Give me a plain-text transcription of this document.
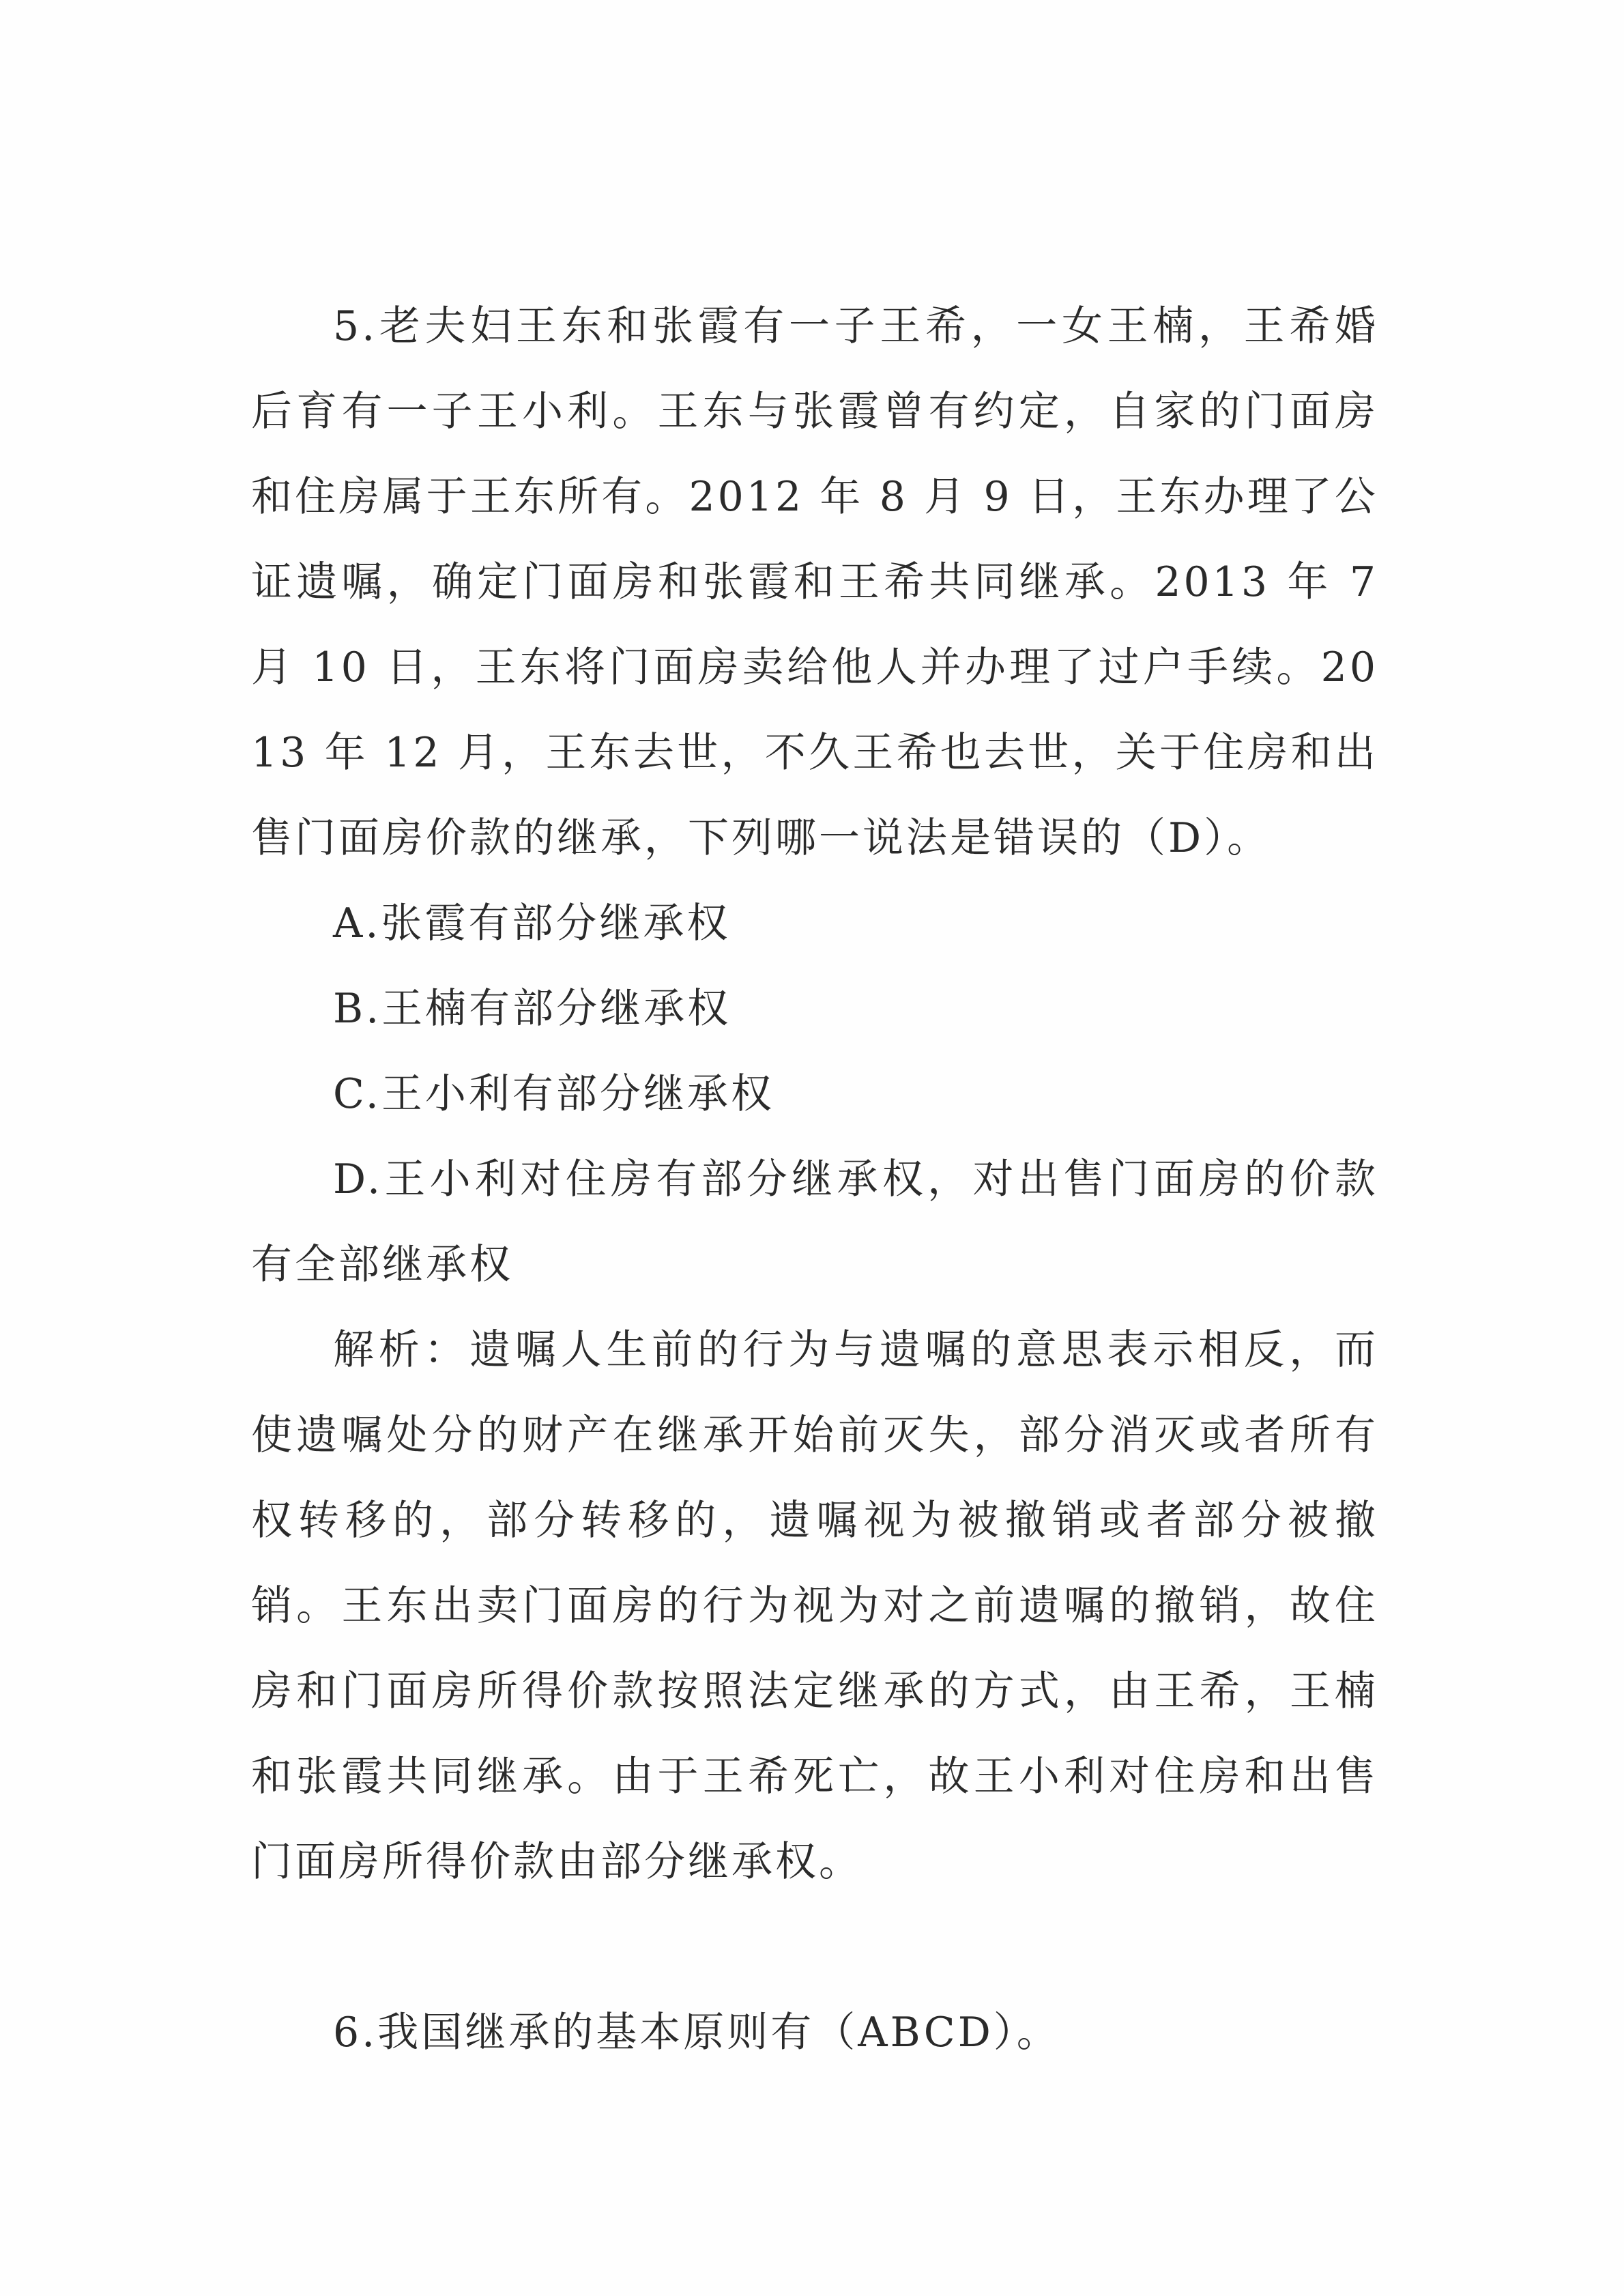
5.老夫妇王东和张霞有一子王希，一女王楠，王希婚后育有一子王小利。王东与张霞曾有约定，自家的门面房和住房属于王东所有。2012 年 8 月 9 日，王东办理了公证遗嘱，确定门面房和张霞和王希共同继承。2013 年 7 月 10 日，王东将门面房卖给他人并办理了过户手续。2013 年 12 月，王东去世，不久王希也去世，关于住房和出售门面房价款的继承，下列哪一说法是错误的（D）。

A.张霞有部分继承权

B.王楠有部分继承权

C.王小利有部分继承权

D.王小利对住房有部分继承权，对出售门面房的价款有全部继承权

解析：遗嘱人生前的行为与遗嘱的意思表示相反，而使遗嘱处分的财产在继承开始前灭失，部分消灭或者所有权转移的，部分转移的，遗嘱视为被撤销或者部分被撤销。王东出卖门面房的行为视为对之前遗嘱的撤销，故住房和门面房所得价款按照法定继承的方式，由王希，王楠和张霞共同继承。由于王希死亡，故王小利对住房和出售门面房所得价款由部分继承权。

6.我国继承的基本原则有（ABCD）。
